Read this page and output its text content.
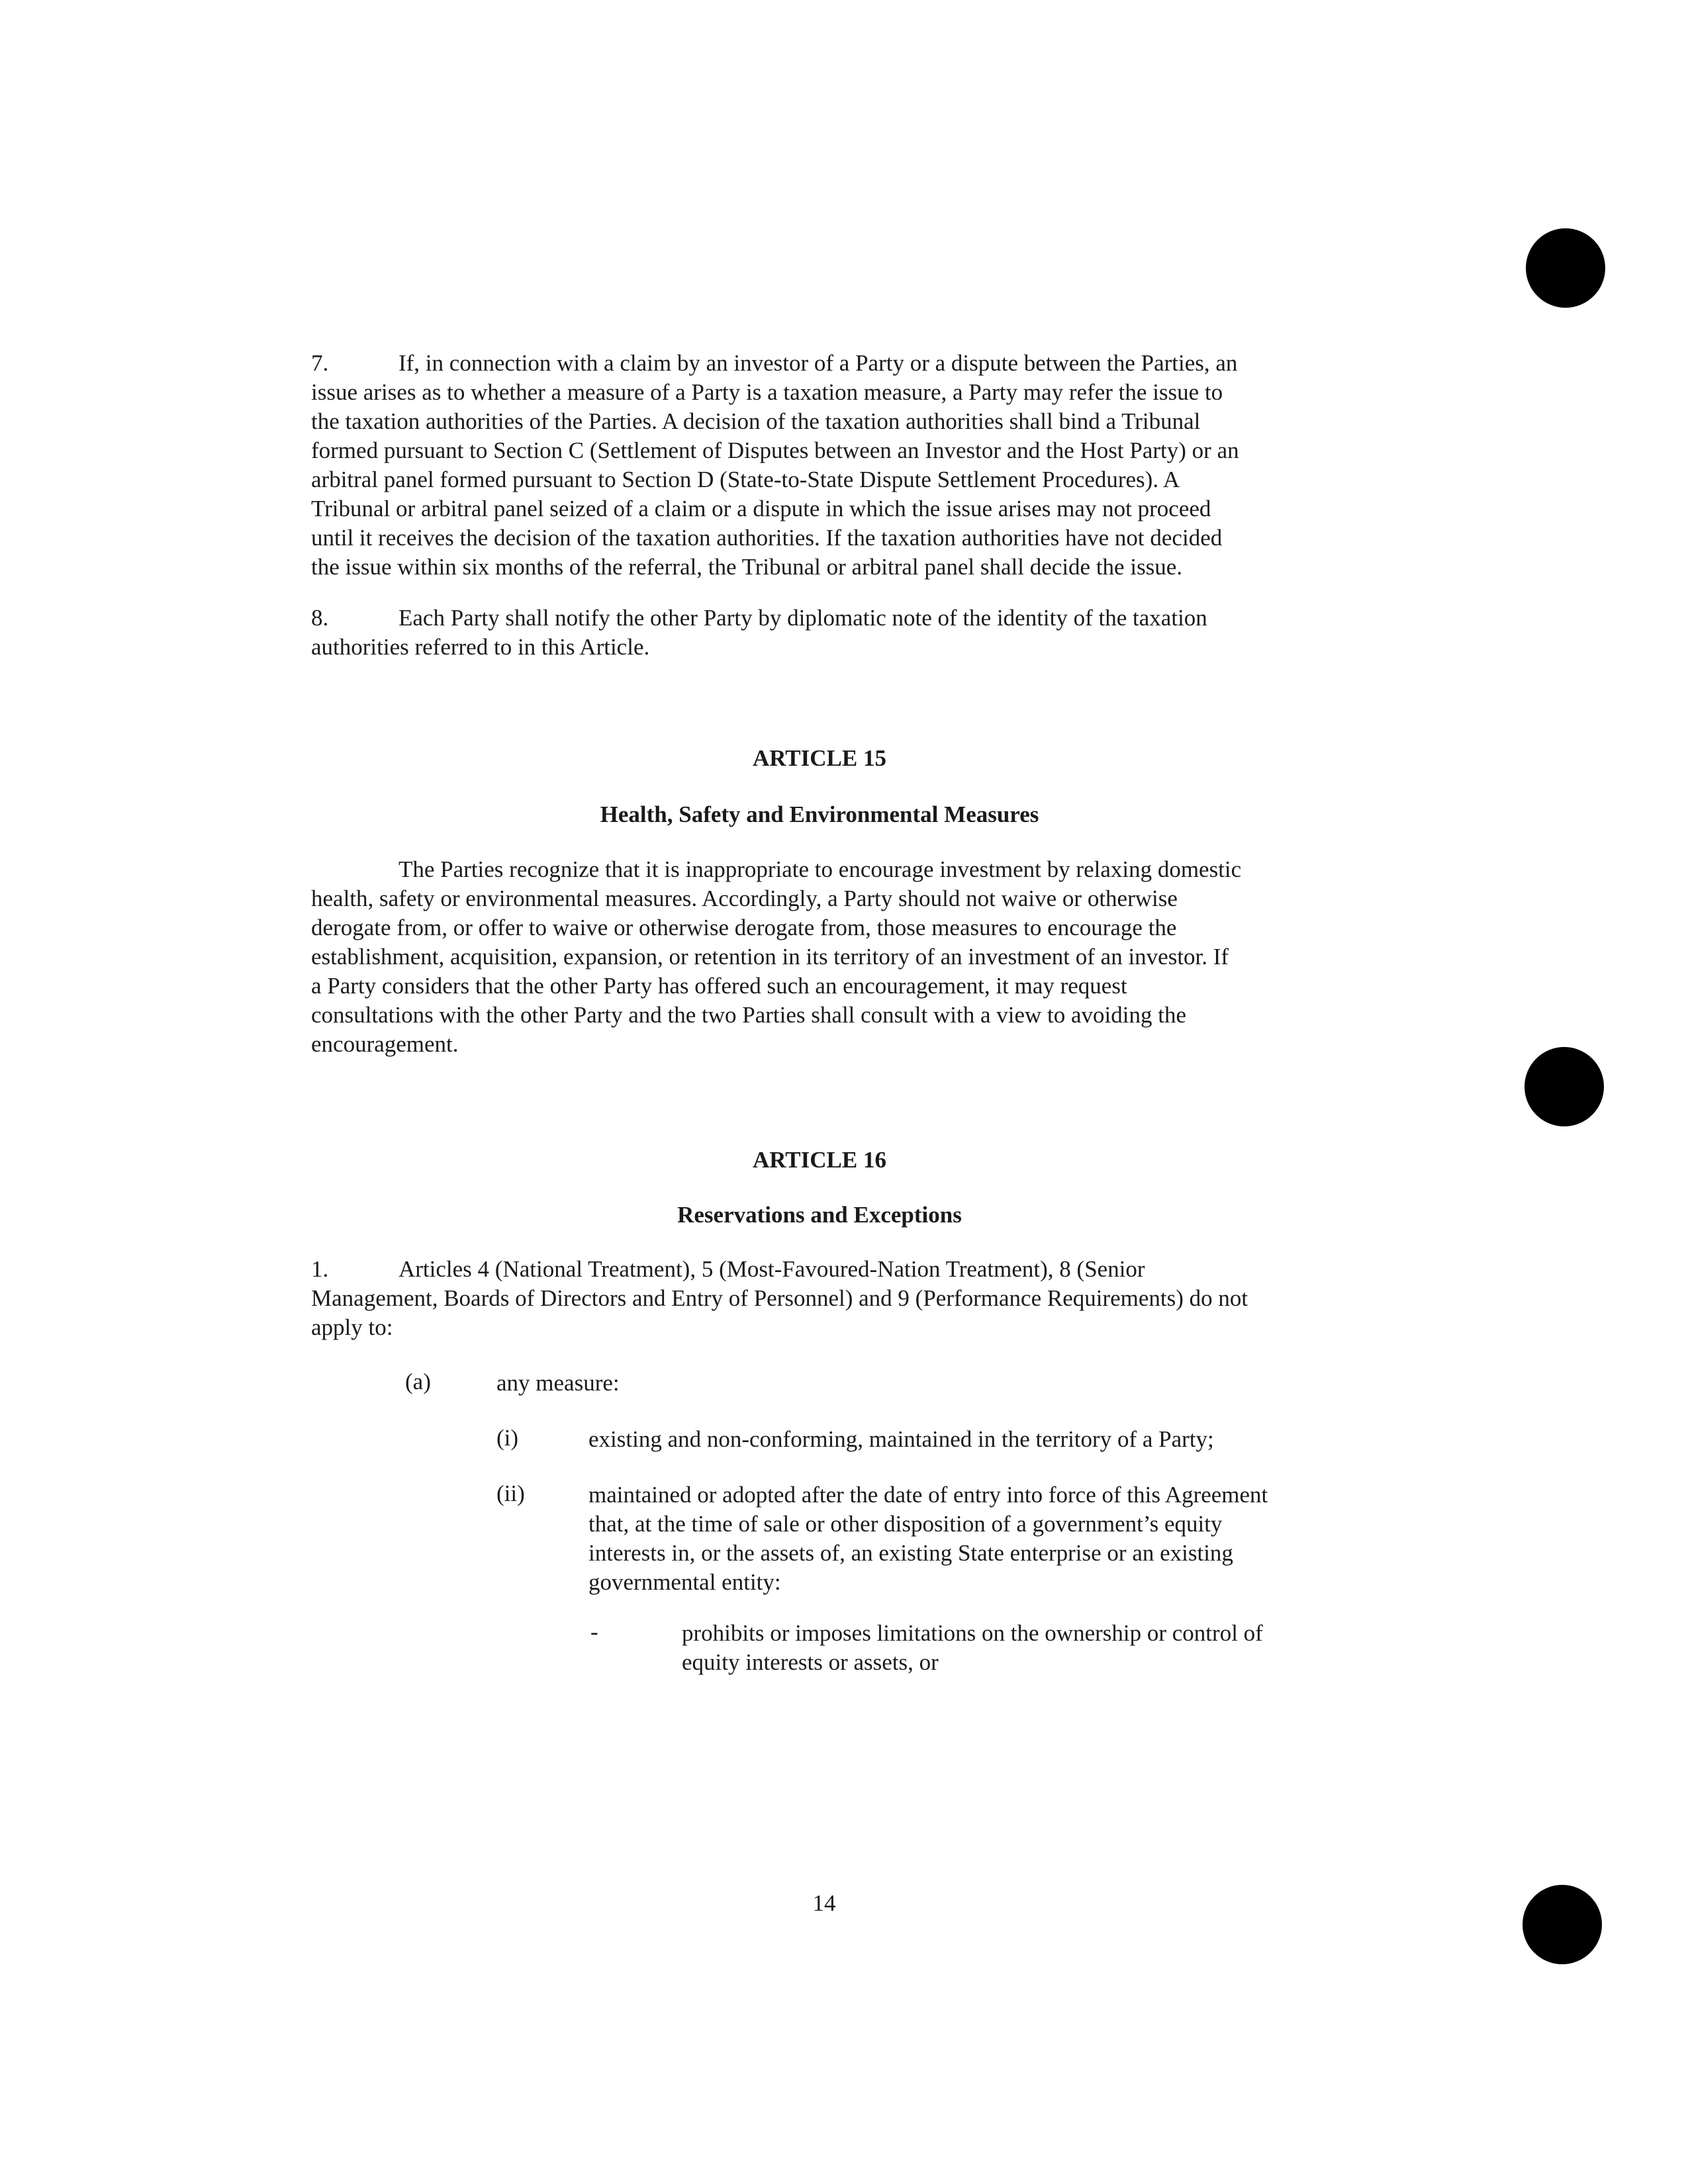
7.	If, in connection with a claim by an investor of a Party or a dispute between the Parties, an
issue arises as to whether a measure of a Party is a taxation measure, a Party may refer the issue to
the taxation authorities of the Parties. A decision of the taxation authorities shall bind a Tribunal
formed pursuant to Section C (Settlement of Disputes between an Investor and the Host Party) or an
arbitral panel formed pursuant to Section D (State-to-State Dispute Settlement Procedures). A
Tribunal or arbitral panel seized of a claim or a dispute in which the issue arises may not proceed
until it receives the decision of the taxation authorities. If the taxation authorities have not decided
the issue within six months of the referral, the Tribunal or arbitral panel shall decide the issue.
8.	Each Party shall notify the other Party by diplomatic note of the identity of the taxation
authorities referred to in this Article.
ARTICLE 15
Health, Safety and Environmental Measures
The Parties recognize that it is inappropriate to encourage investment by relaxing domestic
health, safety or environmental measures. Accordingly, a Party should not waive or otherwise
derogate from, or offer to waive or otherwise derogate from, those measures to encourage the
establishment, acquisition, expansion, or retention in its territory of an investment of an investor. If
a Party considers that the other Party has offered such an encouragement, it may request
consultations with the other Party and the two Parties shall consult with a view to avoiding the
encouragement.
ARTICLE 16
Reservations and Exceptions
1.	Articles 4 (National Treatment), 5 (Most-Favoured-Nation Treatment), 8 (Senior
Management, Boards of Directors and Entry of Personnel) and 9 (Performance Requirements) do not
apply to:
(a)	any measure:
(i)	existing and non-conforming, maintained in the territory of a Party;
(ii)	maintained or adopted after the date of entry into force of this Agreement
that, at the time of sale or other disposition of a government’s equity
interests in, or the assets of, an existing State enterprise or an existing
governmental entity:
-	prohibits or imposes limitations on the ownership or control of
equity interests or assets, or
14
